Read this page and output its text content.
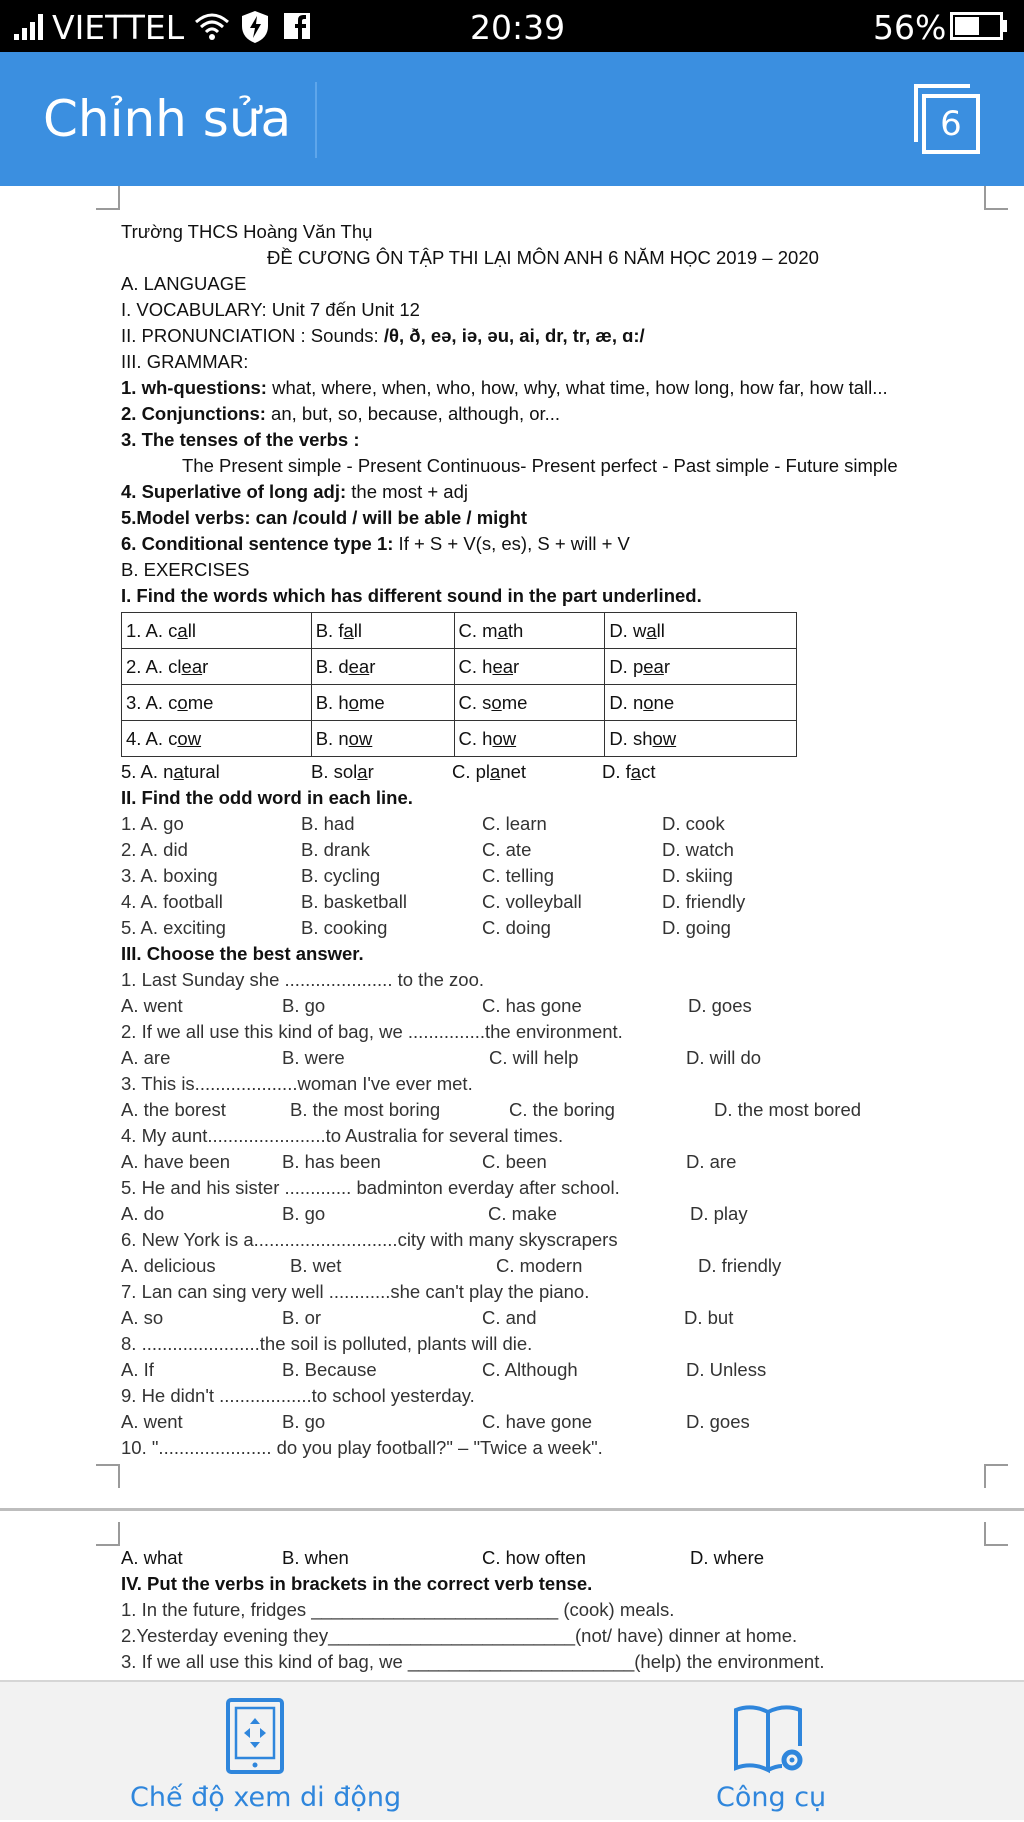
VIETTEL	20:39	56%
Chỉnh sửa	6
Trường THCS Hoàng Văn Thụ
ĐỀ CƯƠNG ÔN TẬP THI LẠI MÔN ANH 6 NĂM HỌC 2019 – 2020
A. LANGUAGE
I. VOCABULARY: Unit 7 đến Unit 12
II. PRONUNCIATION : Sounds: /θ, ð, eə, iə, əu, ai, dr, tr, æ, ɑ:/
III. GRAMMAR:
1. wh-questions: what, where, when, who, how, why, what time, how long, how far, how tall...
2. Conjunctions: an, but, so, because, although, or...
3. The tenses of the verbs :
The Present simple - Present Continuous- Present perfect - Past simple - Future simple
4. Superlative of long adj: the most + adj
5.Model verbs: can /could / will be able / might
6. Conditional sentence type 1: If + S + V(s, es), S + will + V
B. EXERCISES
I. Find the words which has different sound in the part underlined.
1. A. call	B. fall	C. math	D. wall
2. A. clear	B. dear	C. hear	D. pear
3. A. come	B. home	C. some	D. none
4. A. cow	B. now	C. how	D. show
5. A. natural	B. solar	C. planet	D. fact
II. Find the odd word in each line.
1. A. go	B. had	C. learn	D. cook
2. A. did	B. drank	C. ate	D. watch
3. A. boxing	B. cycling	C. telling	D. skiing
4. A. football	B. basketball	C. volleyball	D. friendly
5. A. exciting	B. cooking	C. doing	D. going
III. Choose the best answer.
1. Last Sunday she ..................... to the zoo.
A. went	B. go	C. has gone	D. goes
2. If we all use this kind of bag, we ...............the environment.
A. are	B. were	C. will help	D. will do
3. This is....................woman I've ever met.
A. the borest	B. the most boring	C. the boring	D. the most bored
4. My aunt.......................to Australia for several times.
A. have been	B. has been	C. been	D. are
5. He and his sister ............. badminton everday after school.
A. do	B. go	C. make	D. play
6. New York is a............................city with many skyscrapers
A. delicious	B. wet	C. modern	D. friendly
7. Lan can sing very well ............she can't play the piano.
A. so	B. or	C. and	D. but
8. .......................the soil is polluted, plants will die.
A. If	B. Because	C. Although	D. Unless
9. He didn't ..................to school yesterday.
A. went	B. go	C. have gone	D. goes
10. "...................... do you play football?" – "Twice a week".
A. what	B. when	C. how often	D. where
IV. Put the verbs in brackets in the correct verb tense.
1. In the future, fridges ________________________ (cook) meals.
2.Yesterday evening they________________________(not/ have) dinner at home.
3. If we all use this kind of bag, we ______________________(help) the environment.
Chế độ xem di động	Công cụ
